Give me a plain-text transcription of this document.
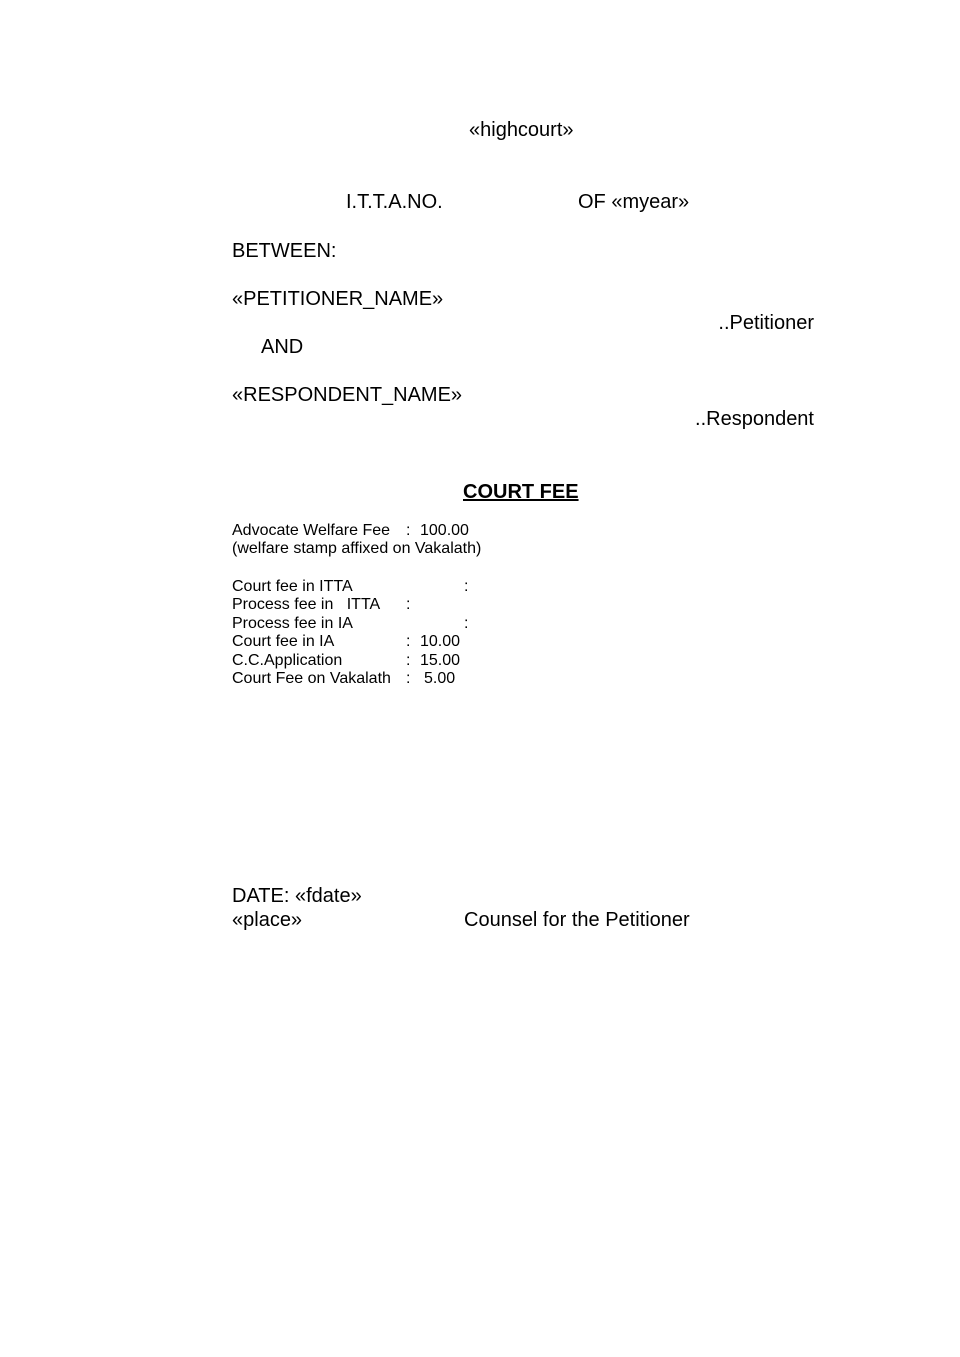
«highcourt»
I.T.T.A.NO.	OF «myear»
BETWEEN:
«PETITIONER_NAME»
..Petitioner
AND
«RESPONDENT_NAME»
..Respondent
COURT FEE
Advocate Welfare Fee : 100.00
(welfare stamp affixed on Vakalath)
Court fee in ITTA	:
Process fee in   ITTA :
Process fee in IA	:
Court fee in IA	: 10.00
C.C.Application	: 15.00
Court Fee on Vakalath : 5.00
DATE: «fdate»
«place»	Counsel for the Petitioner
